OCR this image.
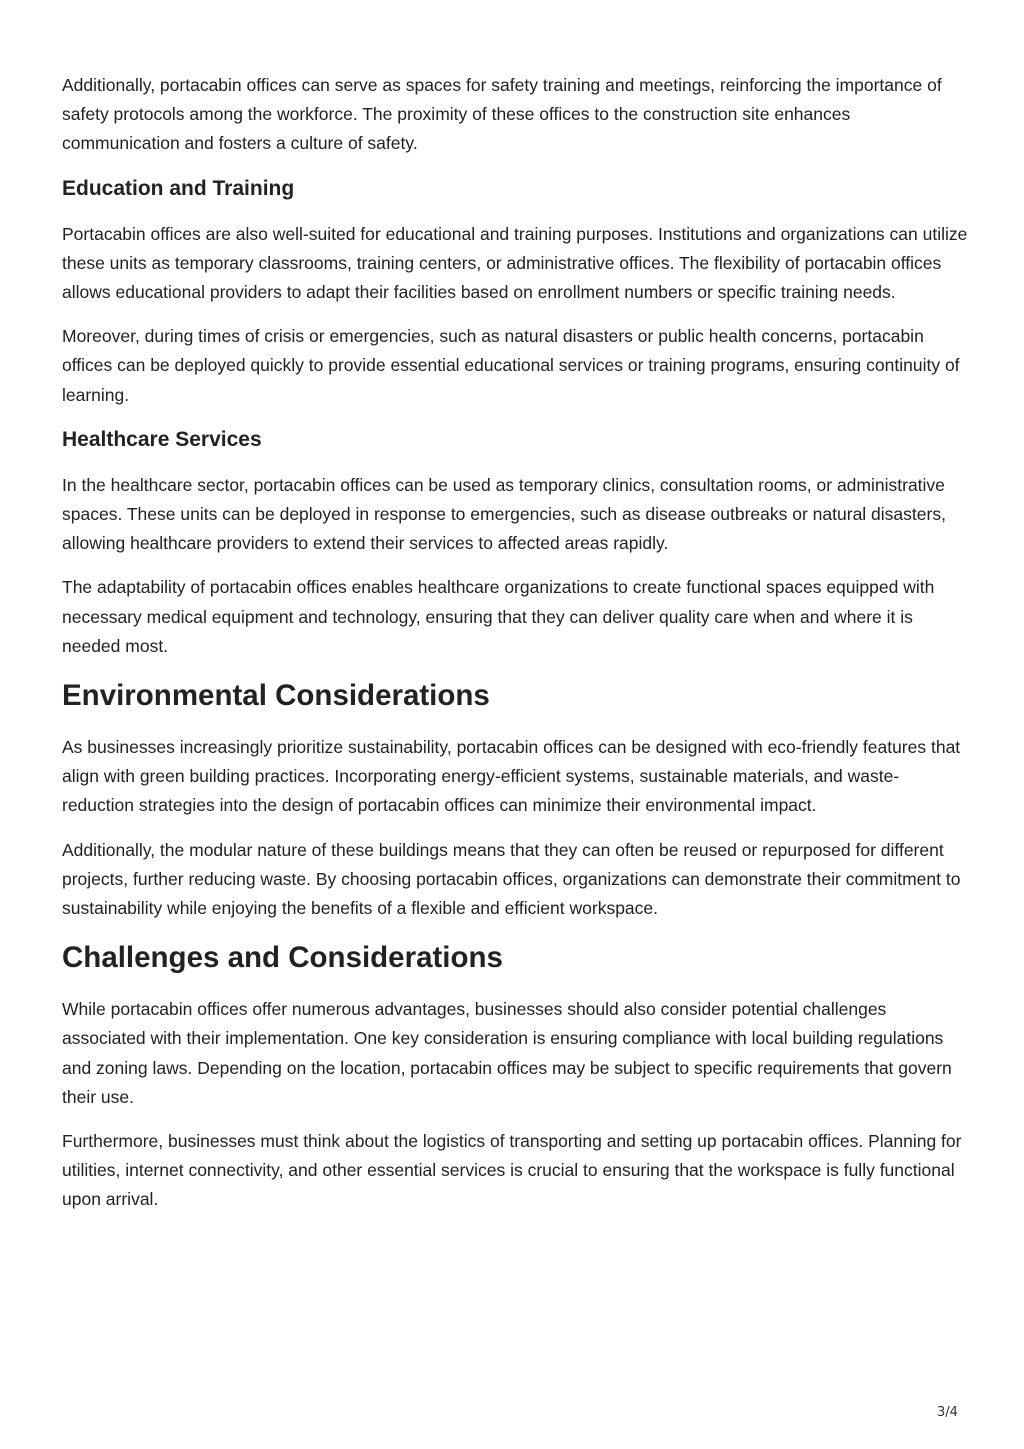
Additionally, portacabin offices can serve as spaces for safety training and meetings, reinforcing the importance of safety protocols among the workforce. The proximity of these offices to the construction site enhances communication and fosters a culture of safety.

Education and Training

Portacabin offices are also well-suited for educational and training purposes. Institutions and organizations can utilize these units as temporary classrooms, training centers, or administrative offices. The flexibility of portacabin offices allows educational providers to adapt their facilities based on enrollment numbers or specific training needs.

Moreover, during times of crisis or emergencies, such as natural disasters or public health concerns, portacabin offices can be deployed quickly to provide essential educational services or training programs, ensuring continuity of learning.

Healthcare Services

In the healthcare sector, portacabin offices can be used as temporary clinics, consultation rooms, or administrative spaces. These units can be deployed in response to emergencies, such as disease outbreaks or natural disasters, allowing healthcare providers to extend their services to affected areas rapidly.

The adaptability of portacabin offices enables healthcare organizations to create functional spaces equipped with necessary medical equipment and technology, ensuring that they can deliver quality care when and where it is needed most.

Environmental Considerations

As businesses increasingly prioritize sustainability, portacabin offices can be designed with eco-friendly features that align with green building practices. Incorporating energy-efficient systems, sustainable materials, and waste-reduction strategies into the design of portacabin offices can minimize their environmental impact.

Additionally, the modular nature of these buildings means that they can often be reused or repurposed for different projects, further reducing waste. By choosing portacabin offices, organizations can demonstrate their commitment to sustainability while enjoying the benefits of a flexible and efficient workspace.

Challenges and Considerations

While portacabin offices offer numerous advantages, businesses should also consider potential challenges associated with their implementation. One key consideration is ensuring compliance with local building regulations and zoning laws. Depending on the location, portacabin offices may be subject to specific requirements that govern their use.

Furthermore, businesses must think about the logistics of transporting and setting up portacabin offices. Planning for utilities, internet connectivity, and other essential services is crucial to ensuring that the workspace is fully functional upon arrival.

3/4
